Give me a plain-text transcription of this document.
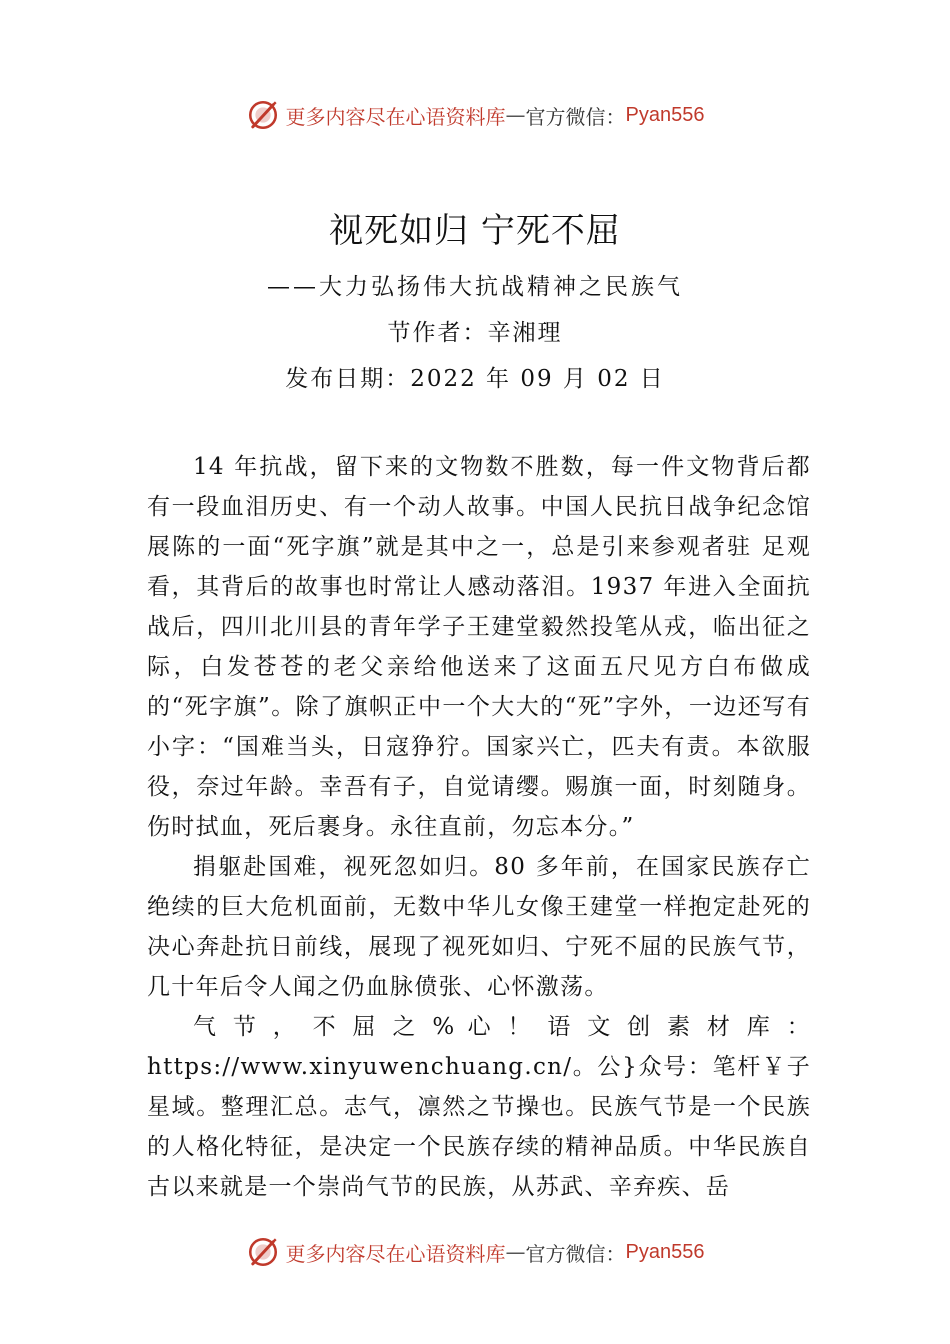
更多内容尽在心语资料库 — 官方微信： Pyan556
视死如归 宁死不屈
——大力弘扬伟大抗战精神之民族气
节作者：辛湘理
发布日期：2022 年 09 月 02 日

14 年抗战，留下来的文物数不胜数，每一件文物背后都有一段血泪历史、有一个动人故事。中国人民抗日战争纪念馆展陈的一面“死字旗”就是其中之一，总是引来参观者驻 足观看，其背后的故事也时常让人感动落泪。1937 年进入全面抗战后，四川北川县的青年学子王建堂毅然投笔从戎，临出征之际，白发苍苍的老父亲给他送来了这面五尺见方白布做成的“死字旗”。除了旗帜正中一个大大的“死”字外，一边还写有小字：“国难当头，日寇狰狞。国家兴亡，匹夫有责。本欲服役，奈过年龄。幸吾有子，自觉请缨。赐旗一面，时刻随身。伤时拭血，死后裹身。永往直前，勿忘本分。”

捐躯赴国难，视死忽如归。80 多年前，在国家民族存亡绝续的巨大危机面前，无数中华儿女像王建堂一样抱定赴死的决心奔赴抗日前线，展现了视死如归、宁死不屈的民族气节，几十年后令人闻之仍血脉偾张、心怀激荡。

气 节 ， 不 屈 之 % 心 ！ 语 文 创 素 材 库 ： https://www.xinyuwenchuang.cn/。公}众号：笔杆￥子星域。整理汇总。志气，凛然之节操也。民族气节是一个民族的人格化特征，是决定一个民族存续的精神品质。中华民族自古以来就是一个崇尚气节的民族，从苏武、辛弃疾、岳

更多内容尽在心语资料库 — 官方微信： Pyan556
